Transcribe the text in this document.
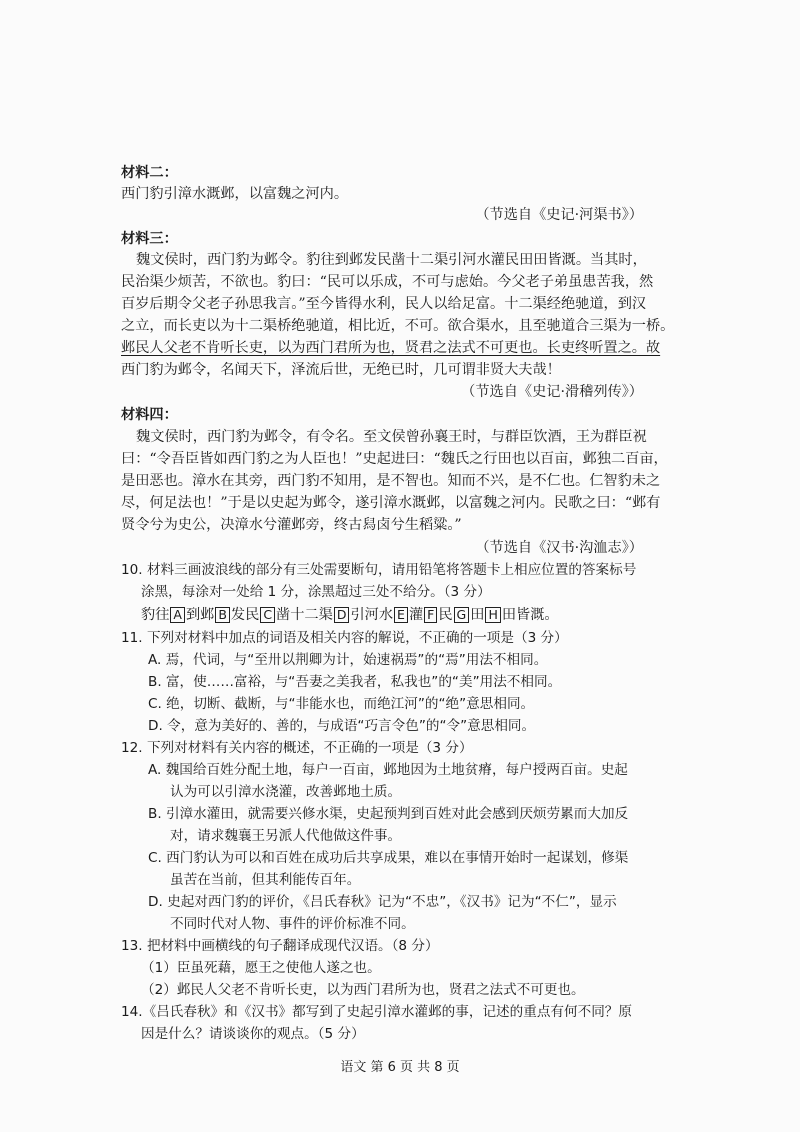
材料二：
西门豹引漳水溉邺，以富魏之河内。
（节选自《史记·河渠书》）
材料三：
魏文侯时，西门豹为邺令。豹往到邺发民凿十二渠引河水灌民田田皆溉。当其时，
民治渠少烦苦，不欲也。豹曰：“民可以乐成，不可与虑始。今父老子弟虽患苦我，然
百岁后期令父老子孙思我言。”至今皆得水利，民人以给足富。十二渠经绝驰道，到汉
之立，而长吏以为十二渠桥绝驰道，相比近，不可。欲合渠水，且至驰道合三渠为一桥。
邺民人父老不肯听长吏，以为西门君所为也，贤君之法式不可更也。长吏终听置之。故
西门豹为邺令，名闻天下，泽流后世，无绝已时，几可谓非贤大夫哉！
（节选自《史记·滑稽列传》）
材料四：
魏文侯时，西门豹为邺令，有令名。至文侯曾孙襄王时，与群臣饮酒，王为群臣祝
曰：“令吾臣皆如西门豹之为人臣也！”史起进曰：“魏氏之行田也以百亩，邺独二百亩，
是田恶也。漳水在其旁，西门豹不知用，是不智也。知而不兴，是不仁也。仁智豹未之
尽，何足法也！”于是以史起为邺令，遂引漳水溉邺，以富魏之河内。民歌之曰：“邺有
贤令兮为史公，决漳水兮灌邺旁，终古舄卤兮生稻粱。”
（节选自《汉书·沟洫志》）
10. 材料三画波浪线的部分有三处需要断句，请用铅笔将答题卡上相应位置的答案标号
涂黑，每涂对一处给 1 分，涂黑超过三处不给分。（3 分）
豹往 A 到邺 B 发民 C 凿十二渠 D 引河水 E 灌 F 民 G 田 H 田皆溉。
11. 下列对材料中加点的词语及相关内容的解说，不正确的一项是（3 分）
A. 焉，代词，与“至卅以荆卿为计，始速祸焉”的“焉”用法不相同。
B. 富，使……富裕，与“吾妻之美我者，私我也”的“美”用法不相同。
C. 绝，切断、截断，与“非能水也，而绝江河”的“绝”意思相同。
D. 令，意为美好的、善的，与成语“巧言令色”的“令”意思相同。
12. 下列对材料有关内容的概述，不正确的一项是（3 分）
A. 魏国给百姓分配土地，每户一百亩，邺地因为土地贫瘠，每户授两百亩。史起
认为可以引漳水浇灌，改善邺地土质。
B. 引漳水灌田，就需要兴修水渠，史起预判到百姓对此会感到厌烦劳累而大加反
对，请求魏襄王另派人代他做这件事。
C. 西门豹认为可以和百姓在成功后共享成果，难以在事情开始时一起谋划，修渠
虽苦在当前，但其利能传百年。
D. 史起对西门豹的评价，《吕氏春秋》记为“不忠”，《汉书》记为“不仁”，显示
不同时代对人物、事件的评价标准不同。
13. 把材料中画横线的句子翻译成现代汉语。（8 分）
语文 第 6 页 共 8 页
（1）臣虽死藉，愿王之使他人遂之也。
（2）邺民人父老不肯听长吏，以为西门君所为也，贤君之法式不可更也。
14.《吕氏春秋》和《汉书》都写到了史起引漳水灌邺的事，记述的重点有何不同？原
因是什么？请谈谈你的观点。（5 分）
